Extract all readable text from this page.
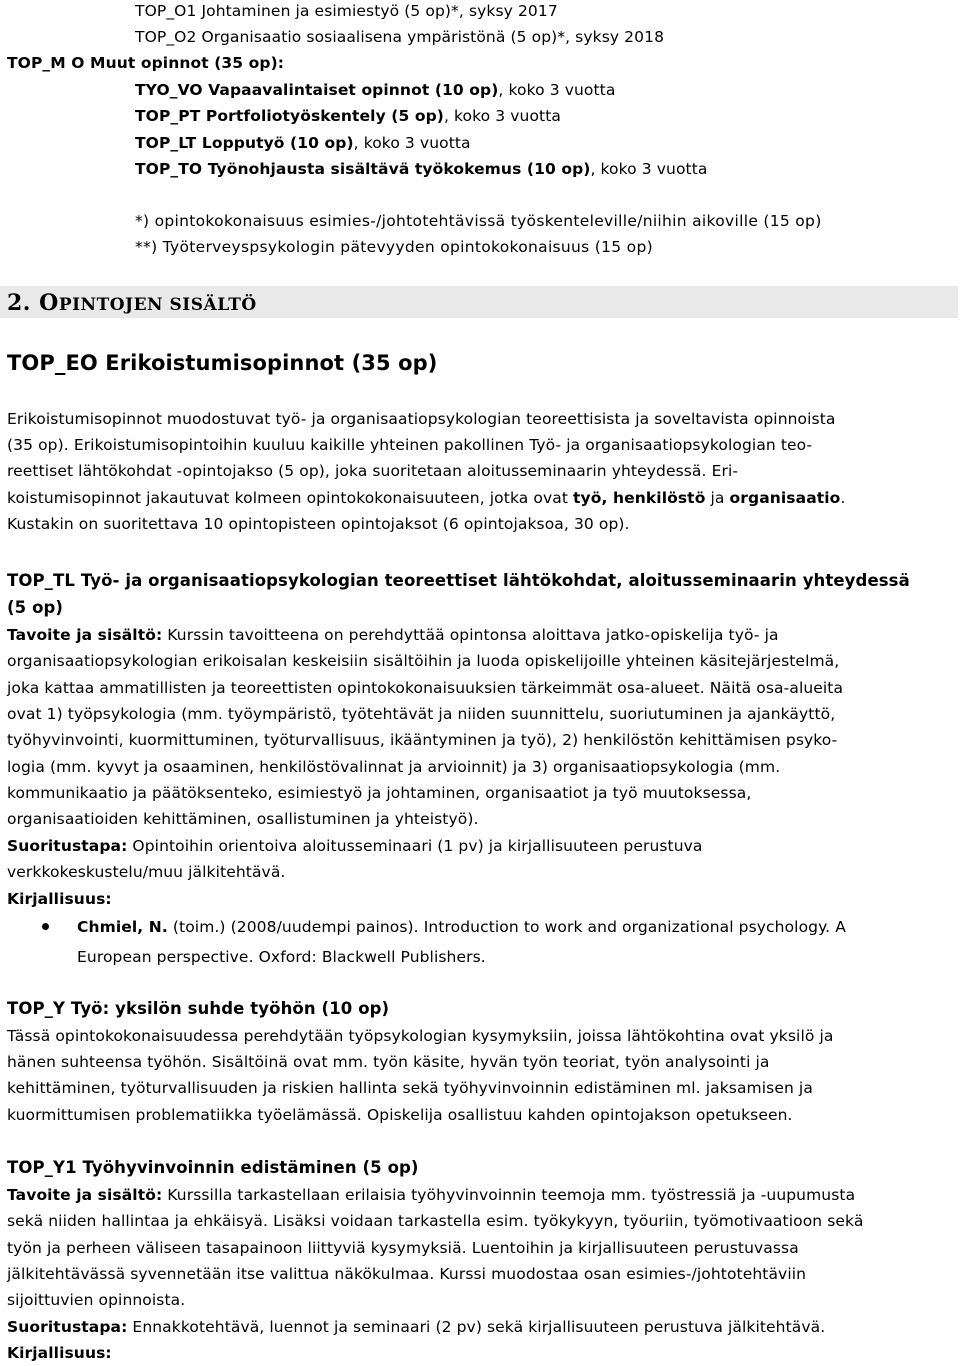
TOP_O1 Johtaminen ja esimiestyö (5 op)*, syksy 2017
TOP_O2 Organisaatio sosiaalisena ympäristönä (5 op)*, syksy 2018
TOP_M O Muut opinnot (35 op):
TYO_VO Vapaavalintaiset opinnot (10 op), koko 3 vuotta
TOP_PT Portfoliotyöskentely (5 op), koko 3 vuotta
TOP_LT Lopputyö (10 op), koko 3 vuotta
TOP_TO Työnohjausta sisältävä työkokemus (10 op), koko 3 vuotta
*) opintokokonaisuus esimies-/johtotehtävissä työskenteleville/niihin aikoville (15 op)
**) Työterveyspsykologin pätevyyden opintokokonaisuus (15 op)
2. OPINTOJEN SISÄLTÖ
TOP_EO Erikoistumisopinnot (35 op)
Erikoistumisopinnot muodostuvat työ- ja organisaatiopsykologian teoreettisista ja soveltavista opinnoista
(35 op). Erikoistumisopintoihin kuuluu kaikille yhteinen pakollinen Työ- ja organisaatiopsykologian teo-
reettiset lähtökohdat -opintojakso (5 op), joka suoritetaan aloitusseminaarin yhteydessä. Eri-
koistumisopinnot jakautuvat kolmeen opintokokonaisuuteen, jotka ovat työ, henkilöstö ja organisaatio.
Kustakin on suoritettava 10 opintopisteen opintojaksot (6 opintojaksoa, 30 op).
TOP_TL Työ- ja organisaatiopsykologian teoreettiset lähtökohdat, aloitusseminaarin yhteydessä
(5 op)
Tavoite ja sisältö: Kurssin tavoitteena on perehdyttää opintonsa aloittava jatko-opiskelija työ- ja
organisaatiopsykologian erikoisalan keskeisiin sisältöihin ja luoda opiskelijoille yhteinen käsitejärjestelmä,
joka kattaa ammatillisten ja teoreettisten opintokokonaisuuksien tärkeimmät osa-alueet. Näitä osa-alueita
ovat 1) työpsykologia (mm. työympäristö, työtehtävät ja niiden suunnittelu, suoriutuminen ja ajankäyttö,
työhyvinvointi, kuormittuminen, työturvallisuus, ikääntyminen ja työ), 2) henkilöstön kehittämisen psyko-
logia (mm. kyvyt ja osaaminen, henkilöstövalinnat ja arvioinnit) ja 3) organisaatiopsykologia (mm.
kommunikaatio ja päätöksenteko, esimiestyö ja johtaminen, organisaatiot ja työ muutoksessa,
organisaatioiden kehittäminen, osallistuminen ja yhteistyö).
Suoritustapa: Opintoihin orientoiva aloitusseminaari (1 pv) ja kirjallisuuteen perustuva
verkkokeskustelu/muu jälkitehtävä.
Kirjallisuus:
Chmiel, N. (toim.) (2008/uudempi painos). Introduction to work and organizational psychology. A
European perspective. Oxford: Blackwell Publishers.
TOP_Y Työ: yksilön suhde työhön (10 op)
Tässä opintokokonaisuudessa perehdytään työpsykologian kysymyksiin, joissa lähtökohtina ovat yksilö ja
hänen suhteensa työhön. Sisältöinä ovat mm. työn käsite, hyvän työn teoriat, työn analysointi ja
kehittäminen, työturvallisuuden ja riskien hallinta sekä työhyvinvoinnin edistäminen ml. jaksamisen ja
kuormittumisen problematiikka työelämässä. Opiskelija osallistuu kahden opintojakson opetukseen.
TOP_Y1 Työhyvinvoinnin edistäminen (5 op)
Tavoite ja sisältö: Kurssilla tarkastellaan erilaisia työhyvinvoinnin teemoja mm. työstressiä ja -uupumusta
sekä niiden hallintaa ja ehkäisyä. Lisäksi voidaan tarkastella esim. työkykyyn, työuriin, työmotivaatioon sekä
työn ja perheen väliseen tasapainoon liittyviä kysymyksiä. Luentoihin ja kirjallisuuteen perustuvassa
jälkitehtävässä syvennetään itse valittua näkökulmaa. Kurssi muodostaa osan esimies-/johtotehtäviin
sijoittuvien opinnoista.
Suoritustapa: Ennakkotehtävä, luennot ja seminaari (2 pv) sekä kirjallisuuteen perustuva jälkitehtävä.
Kirjallisuus:
